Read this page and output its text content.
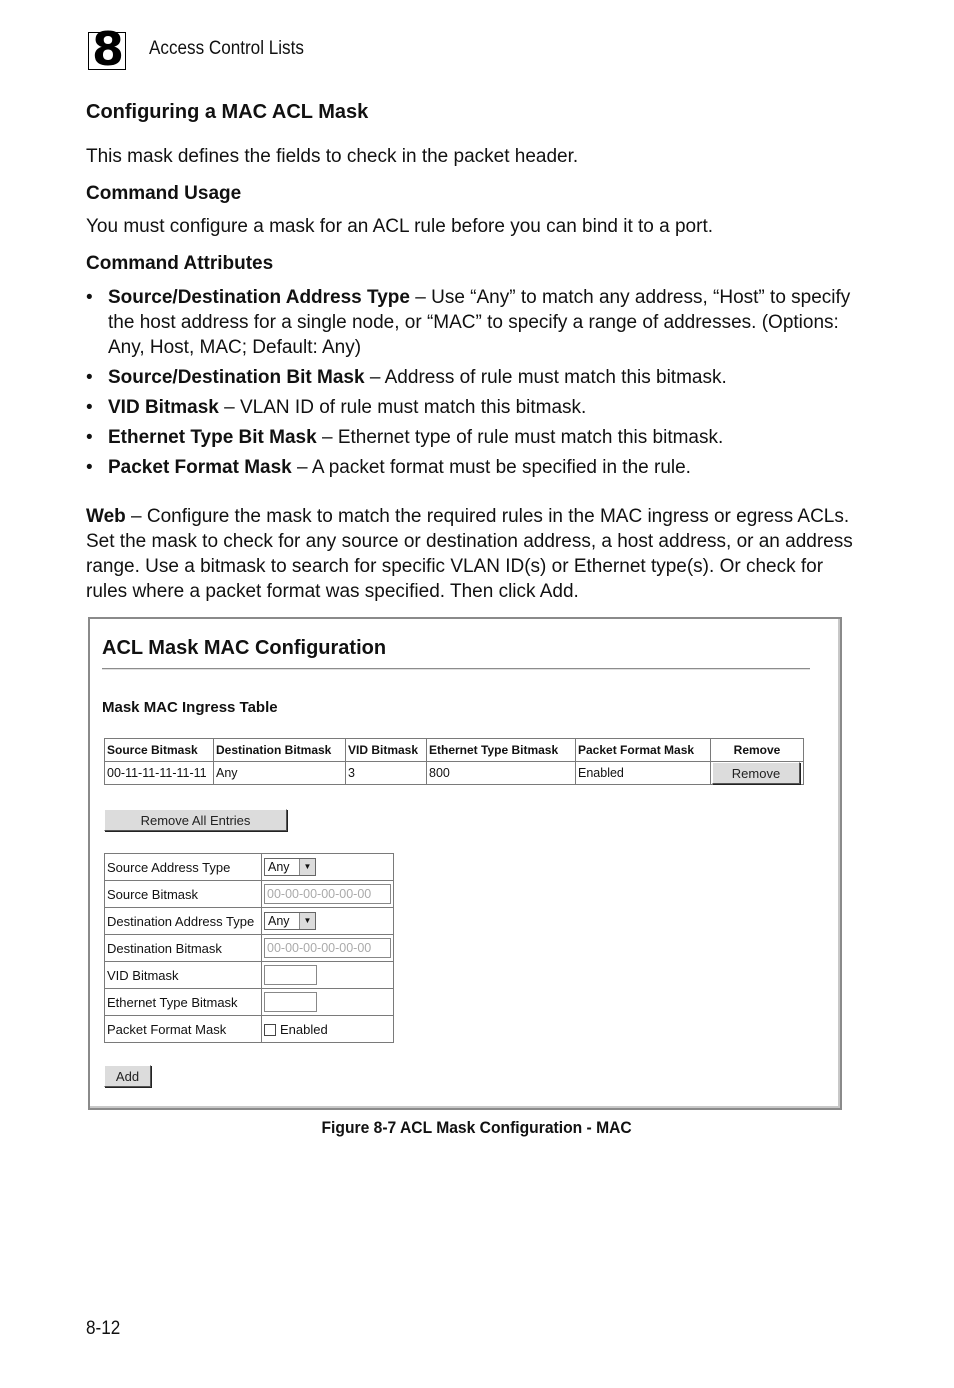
8 Access Control Lists
Configuring a MAC ACL Mask
This mask defines the fields to check in the packet header.
Command Usage
You must configure a mask for an ACL rule before you can bind it to a port.
Command Attributes
• Source/Destination Address Type – Use “Any” to match any address, “Host” to specify the host address for a single node, or “MAC” to specify a range of addresses. (Options: Any, Host, MAC; Default: Any)
• Source/Destination Bit Mask – Address of rule must match this bitmask.
• VID Bitmask – VLAN ID of rule must match this bitmask.
• Ethernet Type Bit Mask – Ethernet type of rule must match this bitmask.
• Packet Format Mask – A packet format must be specified in the rule.
Web – Configure the mask to match the required rules in the MAC ingress or egress ACLs. Set the mask to check for any source or destination address, a host address, or an address range. Use a bitmask to search for specific VLAN ID(s) or Ethernet type(s). Or check for rules where a packet format was specified. Then click Add.
ACL Mask MAC Configuration
Mask MAC Ingress Table
Source Bitmask	Destination Bitmask	VID Bitmask	Ethernet Type Bitmask	Packet Format Mask	Remove
00-11-11-11-11-11	Any	3	800	Enabled	Remove
Remove All Entries
Source Address Type	Any ▼

Source Bitmask	00-00-00-00-00-00
Destination Address Type	Any ▼

Destination Bitmask	00-00-00-00-00-00
VID Bitmask	
Ethernet Type Bitmask	
Packet Format Mask	Enabled
Add
Figure 8-7 ACL Mask Configuration - MAC
8-12
